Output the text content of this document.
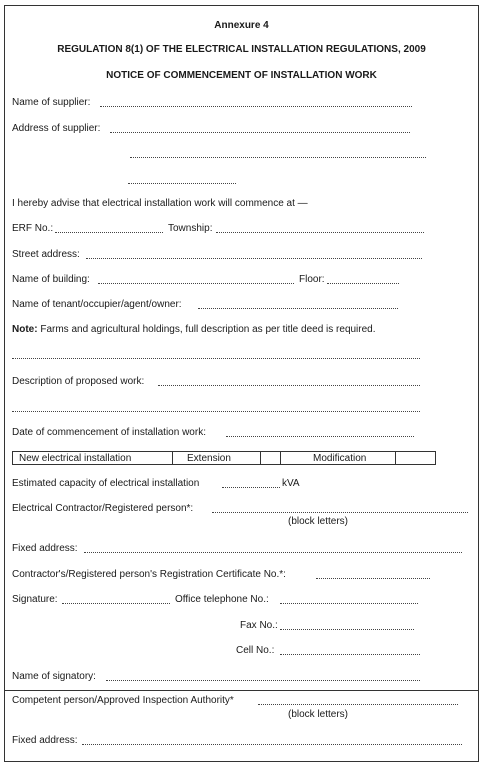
Annexure 4
REGULATION 8(1) OF THE ELECTRICAL INSTALLATION REGULATIONS, 2009
NOTICE OF COMMENCEMENT OF INSTALLATION WORK
Name of supplier:
Address of supplier:
I hereby advise that electrical installation work will commence at —
ERF No.:	Township:
Street address:
Name of building:	Floor:
Name of tenant/occupier/agent/owner:
Note: Farms and agricultural holdings, full description as per title deed is required.
Description of proposed work:
Date of commencement of installation work:
New electrical installation	Extension	Modification
Estimated capacity of electrical installation	kVA
Electrical Contractor/Registered person*:
(block letters)
Fixed address:
Contractor's/Registered person's Registration Certificate No.*:
Signature:	Office telephone No.:
Fax No.:
Cell No.:
Name of signatory:
Competent person/Approved Inspection Authority*
(block letters)
Fixed address:
